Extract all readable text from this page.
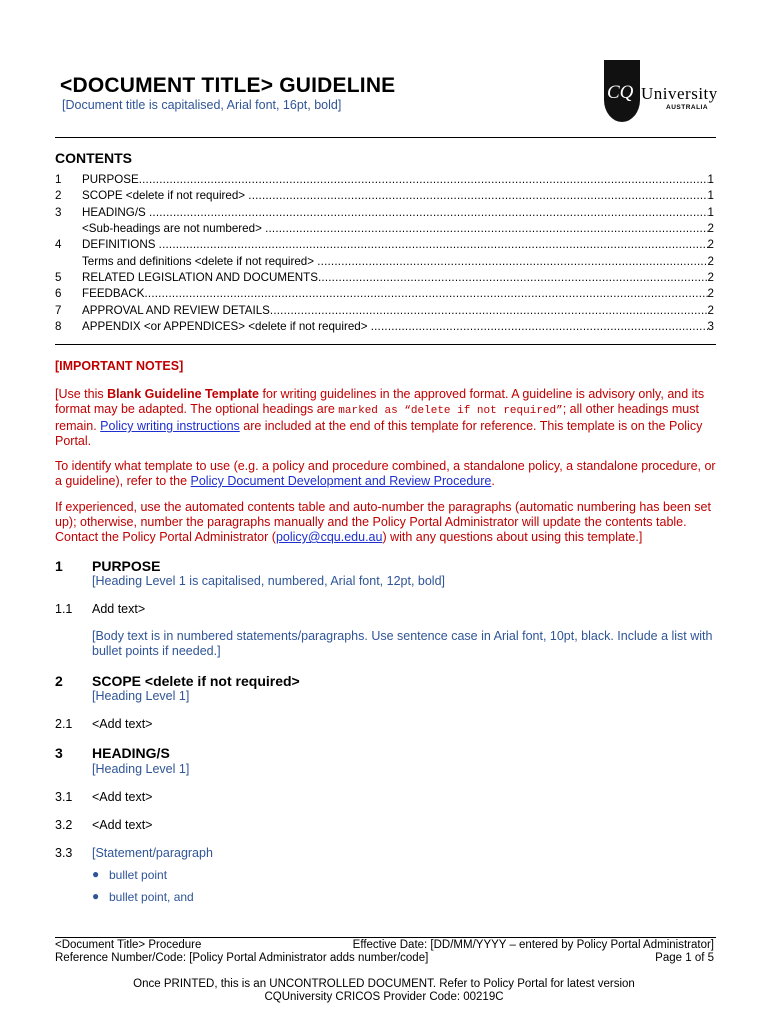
<DOCUMENT TITLE> GUIDELINE
[Document title is capitalised, Arial font, 16pt, bold]
CQ University
AUSTRALIA
CONTENTS
1	PURPOSE .....	1
2	SCOPE <delete if not required> .....	1
3	HEADING/S .....	1
<Sub-headings are not numbered> .....	2
4	DEFINITIONS .....	2
Terms and definitions <delete if not required> .....	2
5	RELATED LEGISLATION AND DOCUMENTS .....	2
6	FEEDBACK .....	2
7	APPROVAL AND REVIEW DETAILS .....	2
8	APPENDIX <or APPENDICES> <delete if not required> .....	3
[IMPORTANT NOTES]
[Use this Blank Guideline Template for writing guidelines in the approved format. A guideline is advisory only, and its format may be adapted. The optional headings are marked as “delete if not required”; all other headings must remain. Policy writing instructions are included at the end of this template for reference. This template is on the Policy Portal.
To identify what template to use (e.g. a policy and procedure combined, a standalone policy, a standalone procedure, or a guideline), refer to the Policy Document Development and Review Procedure.
If experienced, use the automated contents table and auto-number the paragraphs (automatic numbering has been set up); otherwise, number the paragraphs manually and the Policy Portal Administrator will update the contents table. Contact the Policy Portal Administrator (policy@cqu.edu.au) with any questions about using this template.]
1 PURPOSE
[Heading Level 1 is capitalised, numbered, Arial font, 12pt, bold]
1.1 Add text>
[Body text is in numbered statements/paragraphs. Use sentence case in Arial font, 10pt, black. Include a list with bullet points if needed.]
2 SCOPE <delete if not required>
[Heading Level 1]
2.1 <Add text>
3 HEADING/S
[Heading Level 1]
3.1 <Add text>
3.2 <Add text>
3.3 [Statement/paragraph
● bullet point
● bullet point, and
<Document Title> Procedure	Effective Date: [DD/MM/YYYY – entered by Policy Portal Administrator]
Reference Number/Code: [Policy Portal Administrator adds number/code]	Page 1 of 5
Once PRINTED, this is an UNCONTROLLED DOCUMENT. Refer to Policy Portal for latest version
CQUniversity CRICOS Provider Code: 00219C
